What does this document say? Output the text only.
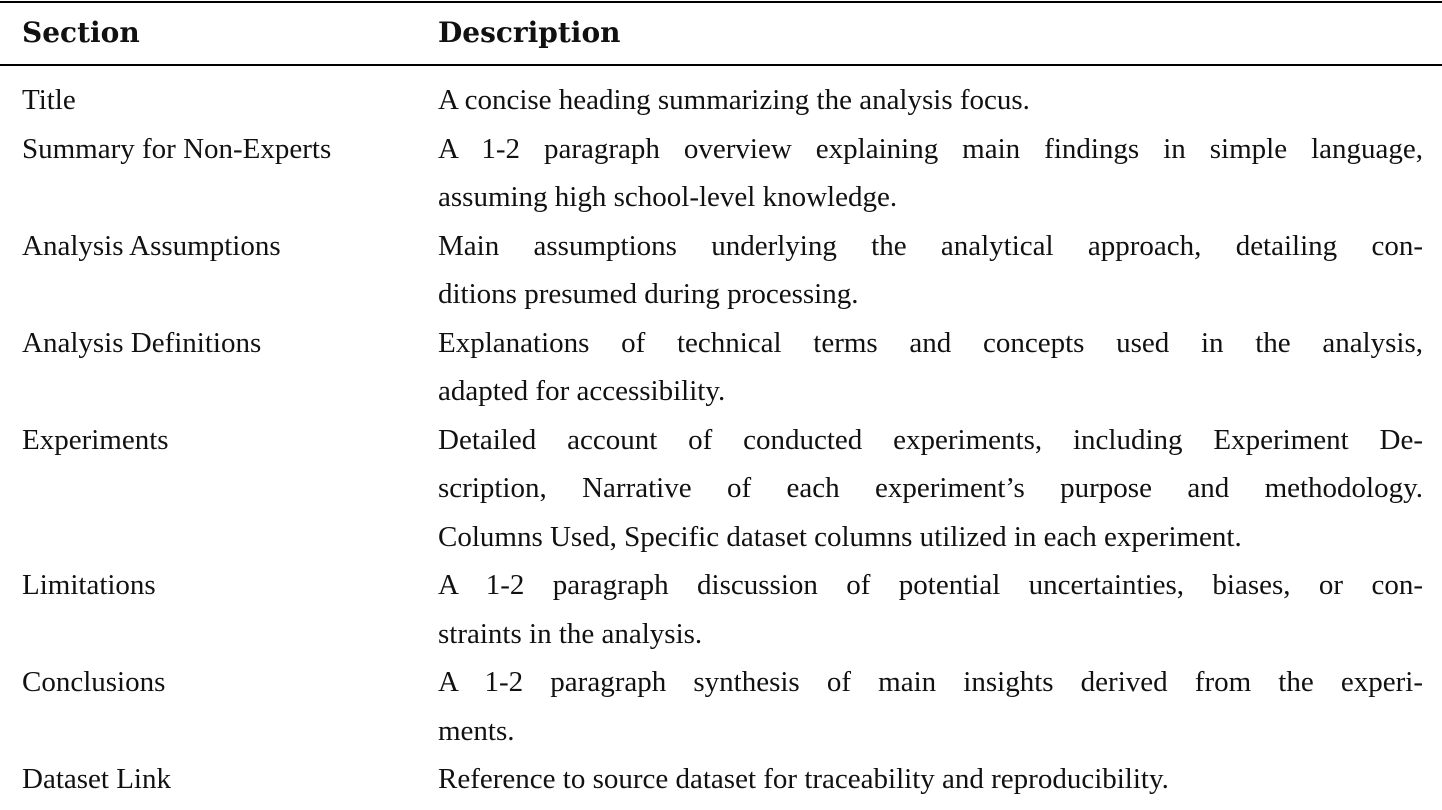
Section	Description
Title	A concise heading summarizing the analysis focus.
Summary for Non-Experts	A 1-2 paragraph overview explaining main findings in simple language,
assuming high school-level knowledge.
Analysis Assumptions	Main assumptions underlying the analytical approach, detailing con-
ditions presumed during processing.
Analysis Definitions	Explanations of technical terms and concepts used in the analysis,
adapted for accessibility.
Experiments	Detailed account of conducted experiments, including Experiment De-
scription, Narrative of each experiment’s purpose and methodology.
Columns Used, Specific dataset columns utilized in each experiment.
Limitations	A 1-2 paragraph discussion of potential uncertainties, biases, or con-
straints in the analysis.
Conclusions	A 1-2 paragraph synthesis of main insights derived from the experi-
ments.
Dataset Link	Reference to source dataset for traceability and reproducibility.
